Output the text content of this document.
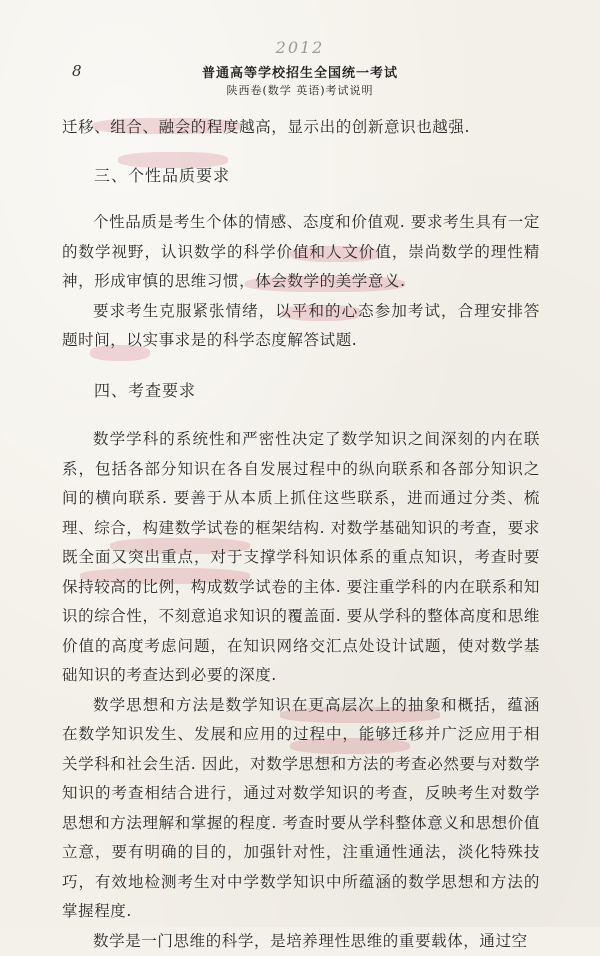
2012
8	普通高等学校招生全国统一考试
陕西卷(数学 英语)考试说明

迁移、组合、融会的程度越高，显示出的创新意识也越强.

三、个性品质要求

个性品质是考生个体的情感、态度和价值观. 要求考生具有一定的数学视野，认识数学的科学价值和人文价值，崇尚数学的理性精神，形成审慎的思维习惯，体会数学的美学意义.

要求考生克服紧张情绪，以平和的心态参加考试，合理安排答题时间，以实事求是的科学态度解答试题.

四、考查要求

数学学科的系统性和严密性决定了数学知识之间深刻的内在联系，包括各部分知识在各自发展过程中的纵向联系和各部分知识之间的横向联系. 要善于从本质上抓住这些联系，进而通过分类、梳理、综合，构建数学试卷的框架结构. 对数学基础知识的考查，要求既全面又突出重点，对于支撑学科知识体系的重点知识，考查时要保持较高的比例，构成数学试卷的主体. 要注重学科的内在联系和知识的综合性，不刻意追求知识的覆盖面. 要从学科的整体高度和思维价值的高度考虑问题，在知识网络交汇点处设计试题，使对数学基础知识的考查达到必要的深度.

数学思想和方法是数学知识在更高层次上的抽象和概括，蕴涵在数学知识发生、发展和应用的过程中，能够迁移并广泛应用于相关学科和社会生活. 因此，对数学思想和方法的考查必然要与对数学知识的考查相结合进行，通过对数学知识的考查，反映考生对数学思想和方法理解和掌握的程度. 考查时要从学科整体意义和思想价值立意，要有明确的目的，加强针对性，注重通性通法，淡化特殊技巧，有效地检测考生对中学数学知识中所蕴涵的数学思想和方法的掌握程度.

数学是一门思维的科学，是培养理性思维的重要载体，通过空
